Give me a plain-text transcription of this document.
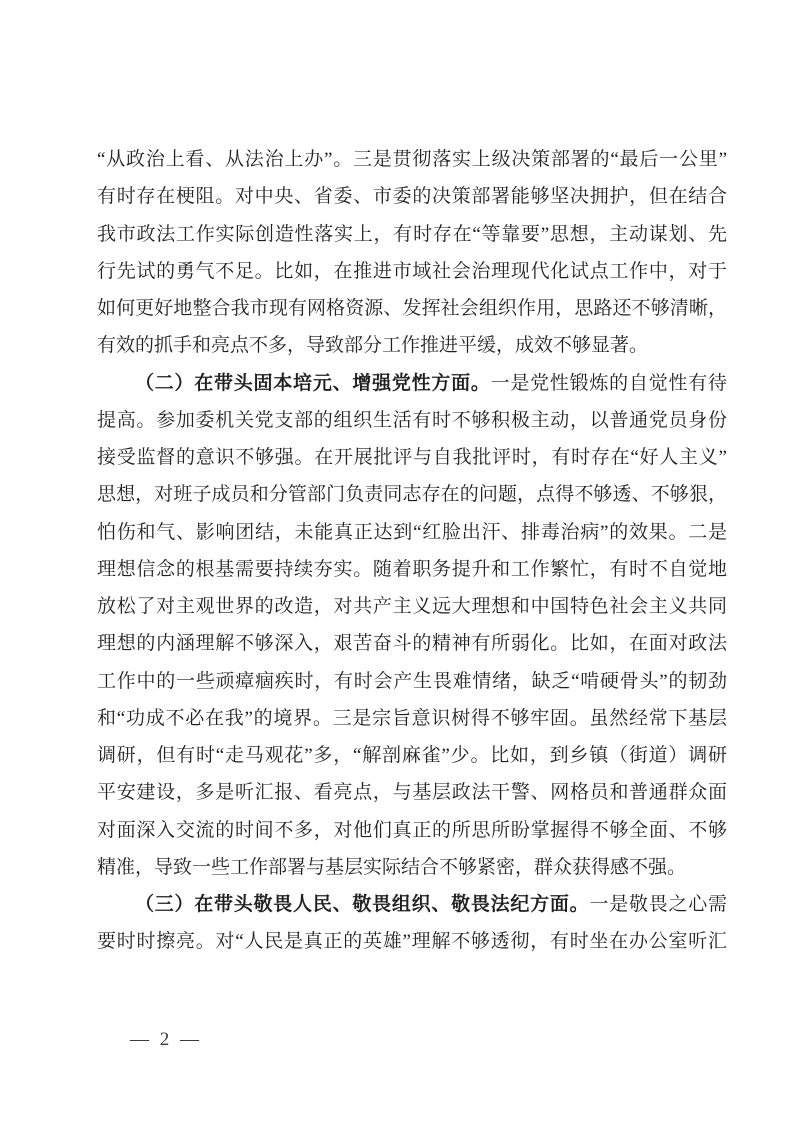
“从政治上看、从法治上办”。三是贯彻落实上级决策部署的“最后一公里”
有时存在梗阻。对中央、省委、市委的决策部署能够坚决拥护，但在结合
我市政法工作实际创造性落实上，有时存在“等靠要”思想，主动谋划、先
行先试的勇气不足。比如，在推进市域社会治理现代化试点工作中，对于
如何更好地整合我市现有网格资源、发挥社会组织作用，思路还不够清晰，
有效的抓手和亮点不多，导致部分工作推进平缓，成效不够显著。
（二）在带头固本培元、增强党性方面。一是党性锻炼的自觉性有待
提高。参加委机关党支部的组织生活有时不够积极主动，以普通党员身份
接受监督的意识不够强。在开展批评与自我批评时，有时存在“好人主义”
思想，对班子成员和分管部门负责同志存在的问题，点得不够透、不够狠，
怕伤和气、影响团结，未能真正达到“红脸出汗、排毒治病”的效果。二是
理想信念的根基需要持续夯实。随着职务提升和工作繁忙，有时不自觉地
放松了对主观世界的改造，对共产主义远大理想和中国特色社会主义共同
理想的内涵理解不够深入，艰苦奋斗的精神有所弱化。比如，在面对政法
工作中的一些顽瘴痼疾时，有时会产生畏难情绪，缺乏“啃硬骨头”的韧劲
和“功成不必在我”的境界。三是宗旨意识树得不够牢固。虽然经常下基层
调研，但有时“走马观花”多，“解剖麻雀”少。比如，到乡镇（街道）调研
平安建设，多是听汇报、看亮点，与基层政法干警、网格员和普通群众面
对面深入交流的时间不多，对他们真正的所思所盼掌握得不够全面、不够
精准，导致一些工作部署与基层实际结合不够紧密，群众获得感不强。
（三）在带头敬畏人民、敬畏组织、敬畏法纪方面。一是敬畏之心需
要时时擦亮。对“人民是真正的英雄”理解不够透彻，有时坐在办公室听汇
— 2 —
